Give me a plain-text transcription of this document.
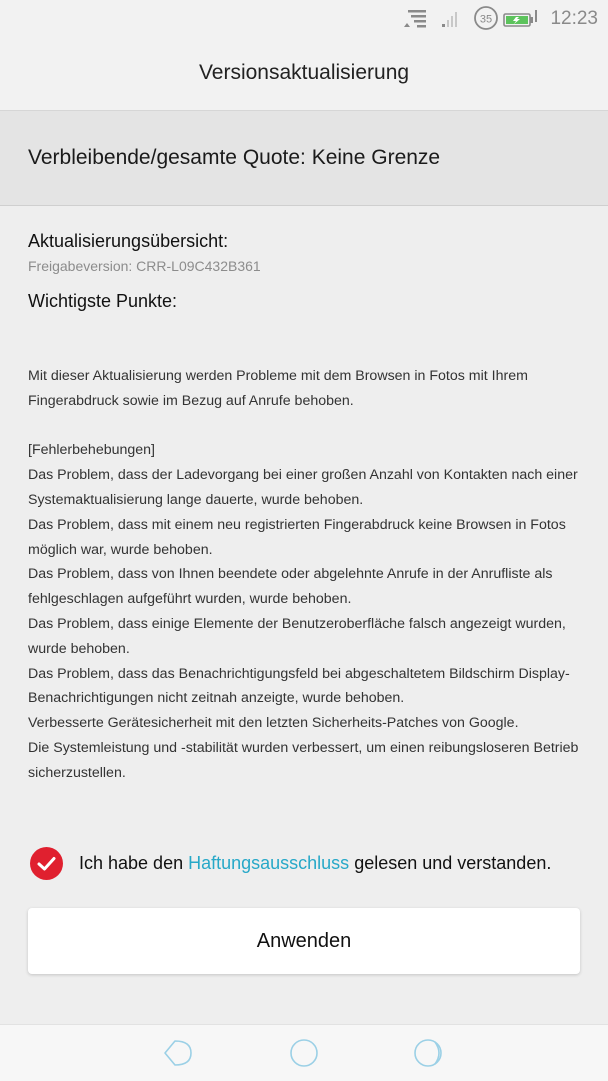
35	12:23
Versionsaktualisierung
Verbleibende/gesamte Quote: Keine Grenze
Aktualisierungsübersicht:
Freigabeversion: CRR-L09C432B361
Wichtigste Punkte:

Mit dieser Aktualisierung werden Probleme mit dem Browsen in Fotos mit Ihrem Fingerabdruck sowie im Bezug auf Anrufe behoben.

[Fehlerbehebungen]

Das Problem, dass der Ladevorgang bei einer großen Anzahl von Kontakten nach einer Systemaktualisierung lange dauerte, wurde behoben.

Das Problem, dass mit einem neu registrierten Fingerabdruck keine Browsen in Fotos möglich war, wurde behoben.

Das Problem, dass von Ihnen beendete oder abgelehnte Anrufe in der Anrufliste als fehlgeschlagen aufgeführt wurden, wurde behoben.

Das Problem, dass einige Elemente der Benutzeroberfläche falsch angezeigt wurden, wurde behoben.

Das Problem, dass das Benachrichtigungsfeld bei abgeschaltetem Bildschirm Display-Benachrichtigungen nicht zeitnah anzeigte, wurde behoben.

Verbesserte Gerätesicherheit mit den letzten Sicherheits-Patches von Google.

Die Systemleistung und -stabilität wurden verbessert, um einen reibungsloseren Betrieb sicherzustellen.

Ich habe den Haftungsausschluss gelesen und verstanden.
Anwenden
